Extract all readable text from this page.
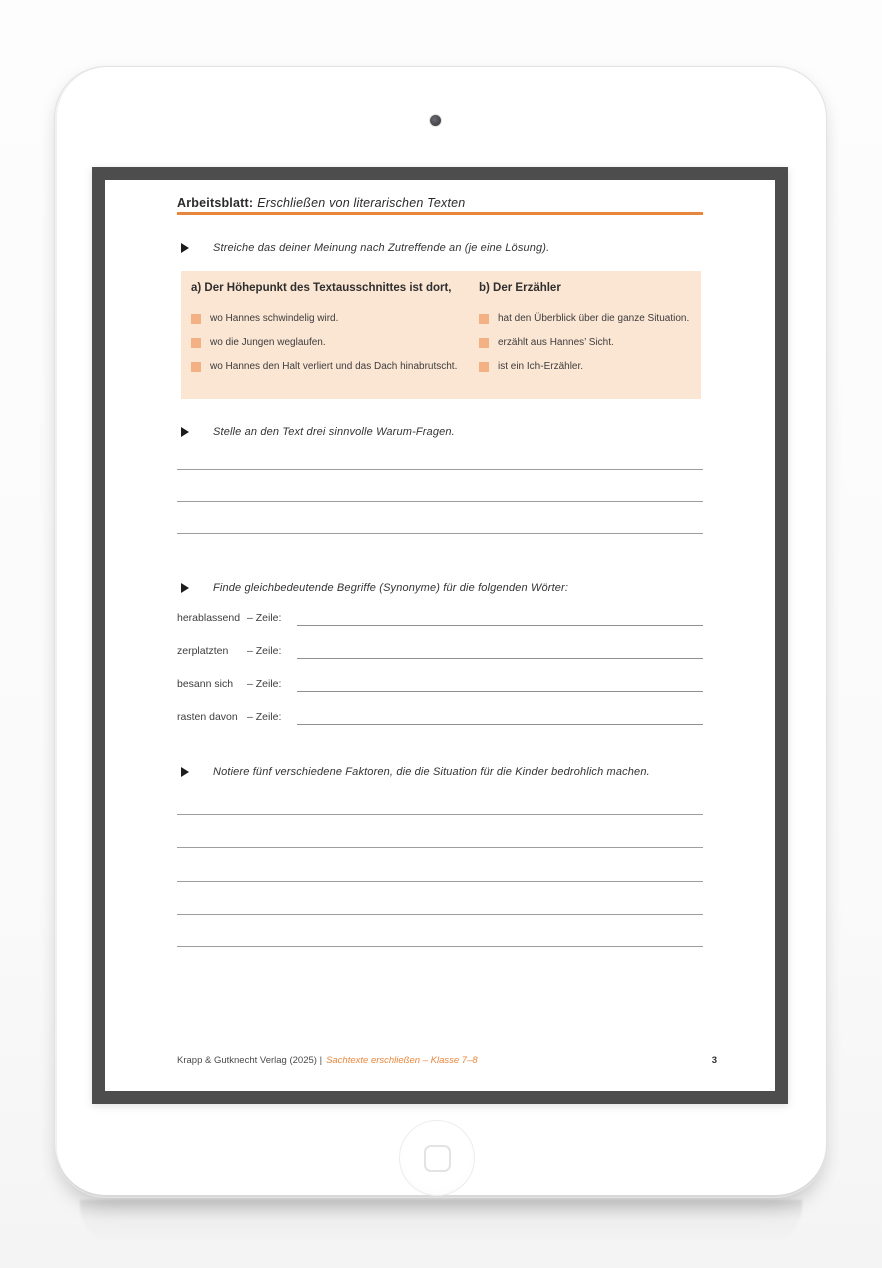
Arbeitsblatt: Erschließen von literarischen Texten
Streiche das deiner Meinung nach Zutreffende an (je eine Lösung).
a) Der Höhepunkt des Textausschnittes ist dort,
wo Hannes schwindelig wird.
wo die Jungen weglaufen.
wo Hannes den Halt verliert und das Dach hinabrutscht.
b) Der Erzähler
hat den Überblick über die ganze Situation.
erzählt aus Hannes’ Sicht.
ist ein Ich-Erzähler.
Stelle an den Text drei sinnvolle Warum-Fragen.
Finde gleichbedeutende Begriffe (Synonyme) für die folgenden Wörter:
herablassend – Zeile:
zerplatzten	– Zeile:
besann sich	– Zeile:
rasten davon – Zeile:
Notiere fünf verschiedene Faktoren, die die Situation für die Kinder bedrohlich machen.
Krapp & Gutknecht Verlag (2025) | Sachtexte erschließen – Klasse 7–8	3
